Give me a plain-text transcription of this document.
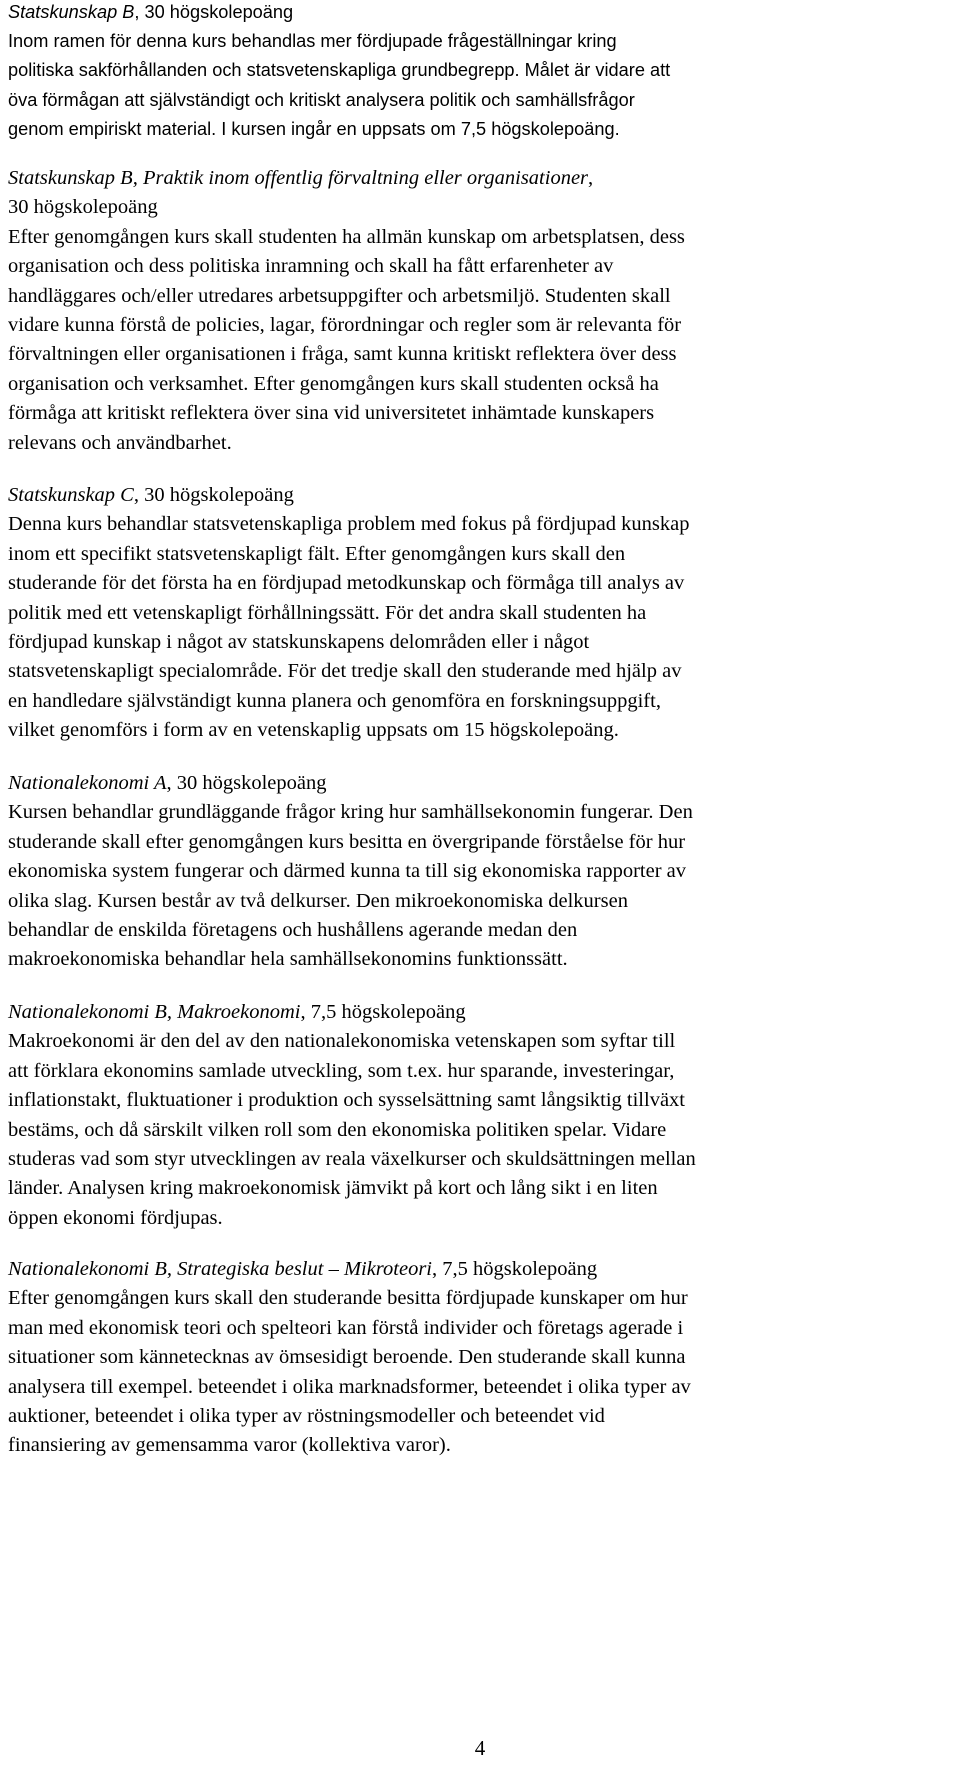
Statskunskap B, 30 högskolepoäng

Inom ramen för denna kurs behandlas mer fördjupade frågeställningar kring

politiska sakförhållanden och statsvetenskapliga grundbegrepp. Målet är vidare att

öva förmågan att självständigt och kritiskt analysera politik och samhällsfrågor

genom empiriskt material. I kursen ingår en uppsats om 7,5 högskolepoäng.

Statskunskap B, Praktik inom offentlig förvaltning eller organisationer,

30 högskolepoäng

Efter genomgången kurs skall studenten ha allmän kunskap om arbetsplatsen, dess

organisation och dess politiska inramning och skall ha fått erfarenheter av

handläggares och/eller utredares arbetsuppgifter och arbetsmiljö. Studenten skall

vidare kunna förstå de policies, lagar, förordningar och regler som är relevanta för

förvaltningen eller organisationen i fråga, samt kunna kritiskt reflektera över dess

organisation och verksamhet. Efter genomgången kurs skall studenten också ha

förmåga att kritiskt reflektera över sina vid universitetet inhämtade kunskapers

relevans och användbarhet.

Statskunskap C, 30 högskolepoäng

Denna kurs behandlar statsvetenskapliga problem med fokus på fördjupad kunskap

inom ett specifikt statsvetenskapligt fält. Efter genomgången kurs skall den

studerande för det första ha en fördjupad metodkunskap och förmåga till analys av

politik med ett vetenskapligt förhållningssätt. För det andra skall studenten ha

fördjupad kunskap i något av statskunskapens delområden eller i något

statsvetenskapligt specialområde. För det tredje skall den studerande med hjälp av

en handledare självständigt kunna planera och genomföra en forskningsuppgift,

vilket genomförs i form av en vetenskaplig uppsats om 15 högskolepoäng.

Nationalekonomi A, 30 högskolepoäng

Kursen behandlar grundläggande frågor kring hur samhällsekonomin fungerar. Den

studerande skall efter genomgången kurs besitta en övergripande förståelse för hur

ekonomiska system fungerar och därmed kunna ta till sig ekonomiska rapporter av

olika slag. Kursen består av två delkurser. Den mikroekonomiska delkursen

behandlar de enskilda företagens och hushållens agerande medan den

makroekonomiska behandlar hela samhällsekonomins funktionssätt.

Nationalekonomi B, Makroekonomi, 7,5 högskolepoäng

Makroekonomi är den del av den nationalekonomiska vetenskapen som syftar till

att förklara ekonomins samlade utveckling, som t.ex. hur sparande, investeringar,

inflationstakt, fluktuationer i produktion och sysselsättning samt långsiktig tillväxt

bestäms, och då särskilt vilken roll som den ekonomiska politiken spelar. Vidare

studeras vad som styr utvecklingen av reala växelkurser och skuldsättningen mellan

länder. Analysen kring makroekonomisk jämvikt på kort och lång sikt i en liten

öppen ekonomi fördjupas.

Nationalekonomi B, Strategiska beslut – Mikroteori, 7,5 högskolepoäng

Efter genomgången kurs skall den studerande besitta fördjupade kunskaper om hur

man med ekonomisk teori och spelteori kan förstå individer och företags agerade i

situationer som kännetecknas av ömsesidigt beroende. Den studerande skall kunna

analysera till exempel. beteendet i olika marknadsformer, beteendet i olika typer av

auktioner, beteendet i olika typer av röstningsmodeller och beteendet vid

finansiering av gemensamma varor (kollektiva varor).

4
